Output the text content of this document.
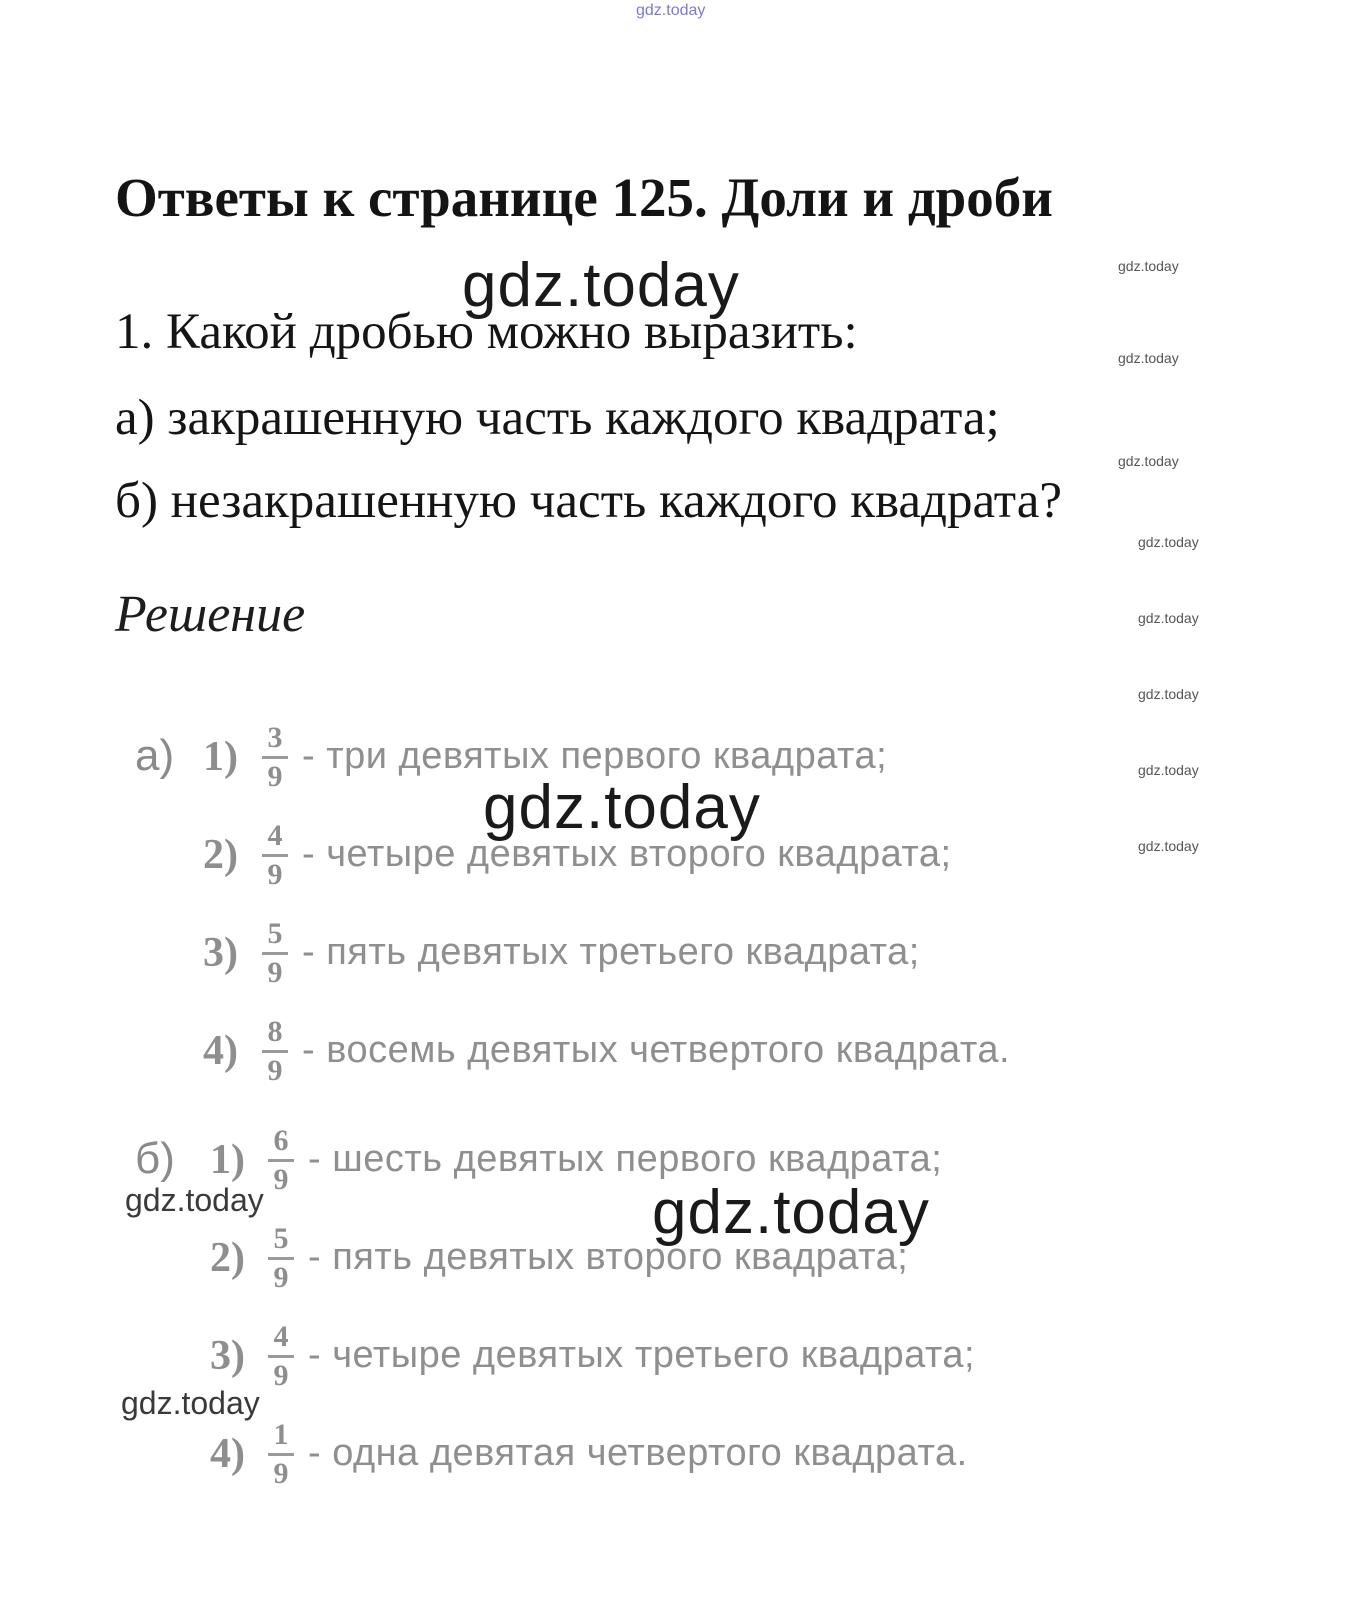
gdz.today
Ответы к странице 125. Доли и дроби
1. Какой дробью можно выразить:
а) закрашенную часть каждого квадрата;
б) незакрашенную часть каждого квадрата?
Решение
а) 1) 3
9 - три девятых первого квадрата;
2) 4
9 - четыре девятых второго квадрата;
3) 5
9 - пять девятых третьего квадрата;
4) 8
9 - восемь девятых четвертого квадрата.
б) 1) 6
9 - шесть девятых первого квадрата;
2) 5
9 - пять девятых второго квадрата;
3) 4
9 - четыре девятых третьего квадрата;
4) 1
9 - одна девятая четвертого квадрата.
gdz.today
gdz.today
gdz.today
gdz.today
gdz.today
gdz.today
gdz.today
gdz.today
gdz.today
gdz.today
gdz.today
gdz.today
gdz.today
